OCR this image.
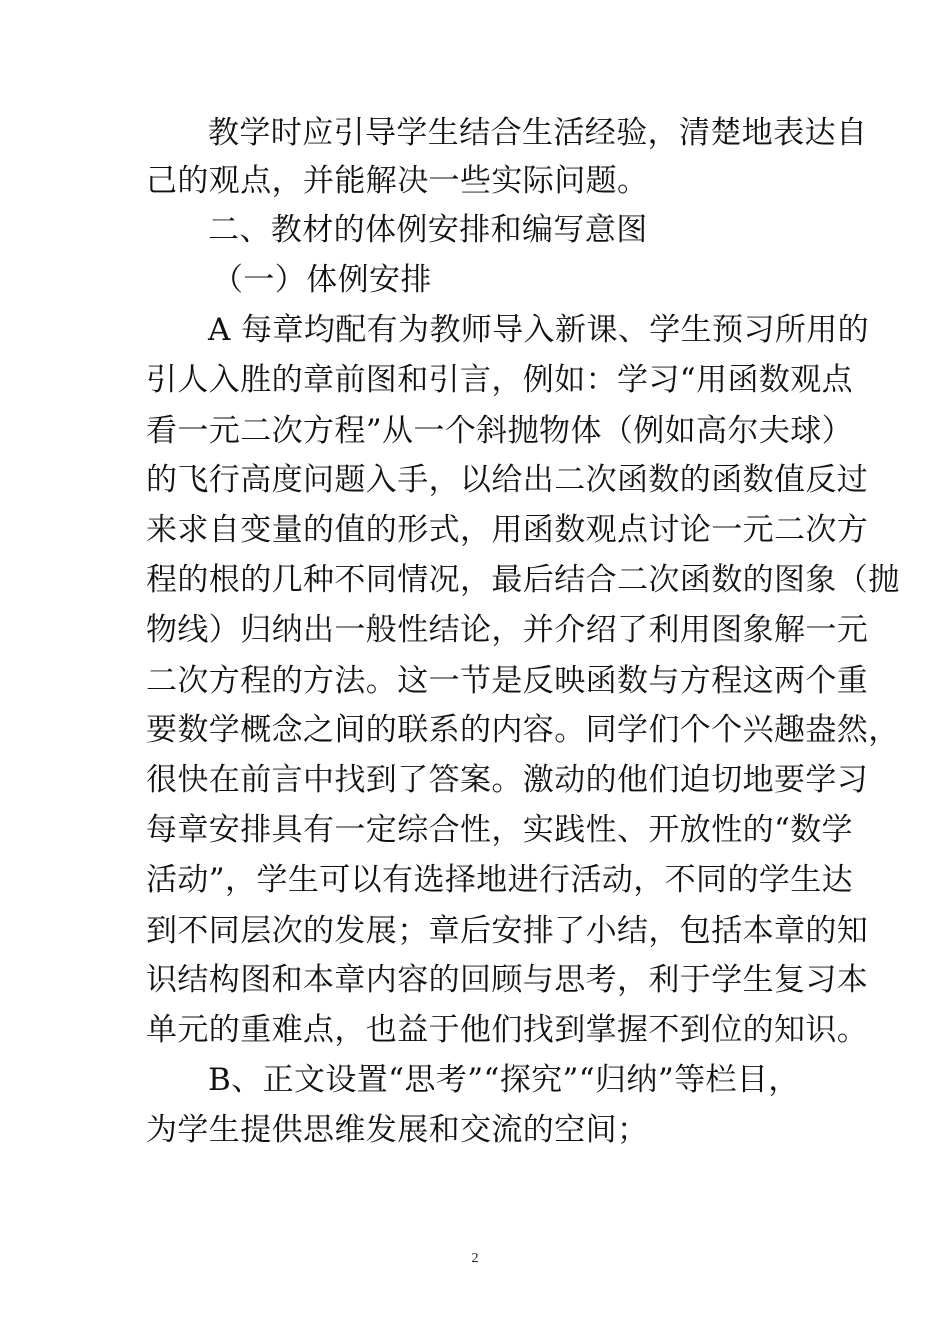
教学时应引导学生结合生活经验，清楚地表达自
己的观点，并能解决一些实际问题。
二、教材的体例安排和编写意图
（一）体例安排
A 每章均配有为教师导入新课、学生预习所用的
引人入胜的章前图和引言，例如：学习“用函数观点
看一元二次方程”从一个斜抛物体（例如高尔夫球）
的飞行高度问题入手，以给出二次函数的函数值反过
来求自变量的值的形式，用函数观点讨论一元二次方
程的根的几种不同情况，最后结合二次函数的图象（抛
物线）归纳出一般性结论，并介绍了利用图象解一元
二次方程的方法。这一节是反映函数与方程这两个重
要数学概念之间的联系的内容。同学们个个兴趣盎然，
很快在前言中找到了答案。激动的他们迫切地要学习
每章安排具有一定综合性，实践性、开放性的“数学
活动”，学生可以有选择地进行活动，不同的学生达
到不同层次的发展；章后安排了小结，包括本章的知
识结构图和本章内容的回顾与思考，利于学生复习本
单元的重难点，也益于他们找到掌握不到位的知识。
B、正文设置“思考”“探究”“归纳”等栏目，
为学生提供思维发展和交流的空间；
2
